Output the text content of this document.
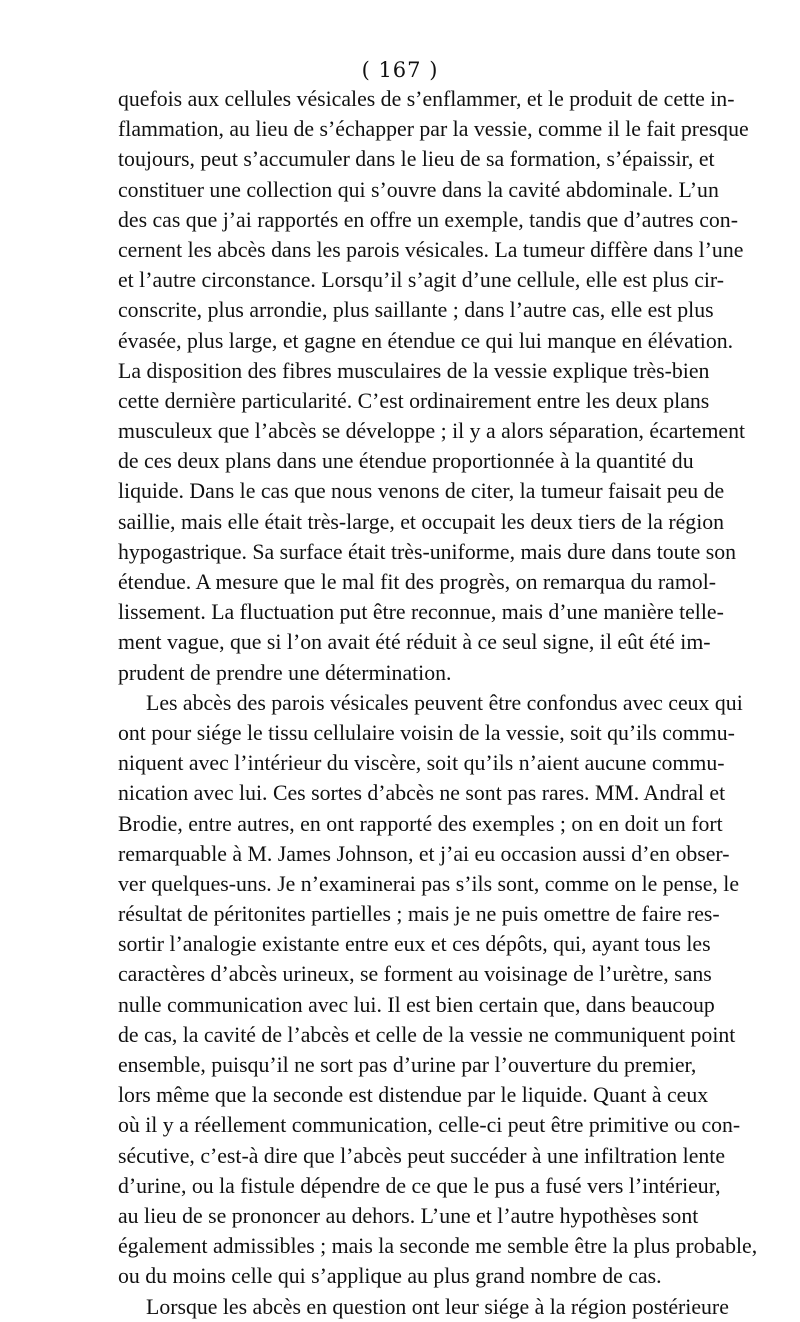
( 167 )
quefois aux cellules vésicales de s’enflammer, et le produit de cette in-
flammation, au lieu de s’échapper par la vessie, comme il le fait presque
toujours, peut s’accumuler dans le lieu de sa formation, s’épaissir, et
constituer une collection qui s’ouvre dans la cavité abdominale. L’un
des cas que j’ai rapportés en offre un exemple, tandis que d’autres con-
cernent les abcès dans les parois vésicales. La tumeur diffère dans l’une
et l’autre circonstance. Lorsqu’il s’agit d’une cellule, elle est plus cir-
conscrite, plus arrondie, plus saillante ; dans l’autre cas, elle est plus
évasée, plus large, et gagne en étendue ce qui lui manque en élévation.
La disposition des fibres musculaires de la vessie explique très-bien
cette dernière particularité. C’est ordinairement entre les deux plans
musculeux que l’abcès se développe ; il y a alors séparation, écartement
de ces deux plans dans une étendue proportionnée à la quantité du
liquide. Dans le cas que nous venons de citer, la tumeur faisait peu de
saillie, mais elle était très-large, et occupait les deux tiers de la région
hypogastrique. Sa surface était très-uniforme, mais dure dans toute son
étendue. A mesure que le mal fit des progrès, on remarqua du ramol-
lissement. La fluctuation put être reconnue, mais d’une manière telle-
ment vague, que si l’on avait été réduit à ce seul signe, il eût été im-
prudent de prendre une détermination.
Les abcès des parois vésicales peuvent être confondus avec ceux qui
ont pour siége le tissu cellulaire voisin de la vessie, soit qu’ils commu-
niquent avec l’intérieur du viscère, soit qu’ils n’aient aucune commu-
nication avec lui. Ces sortes d’abcès ne sont pas rares. MM. Andral et
Brodie, entre autres, en ont rapporté des exemples ; on en doit un fort
remarquable à M. James Johnson, et j’ai eu occasion aussi d’en obser-
ver quelques-uns. Je n’examinerai pas s’ils sont, comme on le pense, le
résultat de péritonites partielles ; mais je ne puis omettre de faire res-
sortir l’analogie existante entre eux et ces dépôts, qui, ayant tous les
caractères d’abcès urineux, se forment au voisinage de l’urètre, sans
nulle communication avec lui. Il est bien certain que, dans beaucoup
de cas, la cavité de l’abcès et celle de la vessie ne communiquent point
ensemble, puisqu’il ne sort pas d’urine par l’ouverture du premier,
lors même que la seconde est distendue par le liquide. Quant à ceux
où il y a réellement communication, celle-ci peut être primitive ou con-
sécutive, c’est-à dire que l’abcès peut succéder à une infiltration lente
d’urine, ou la fistule dépendre de ce que le pus a fusé vers l’intérieur,
au lieu de se prononcer au dehors. L’une et l’autre hypothèses sont
également admissibles ; mais la seconde me semble être la plus probable,
ou du moins celle qui s’applique au plus grand nombre de cas.
Lorsque les abcès en question ont leur siége à la région postérieure
